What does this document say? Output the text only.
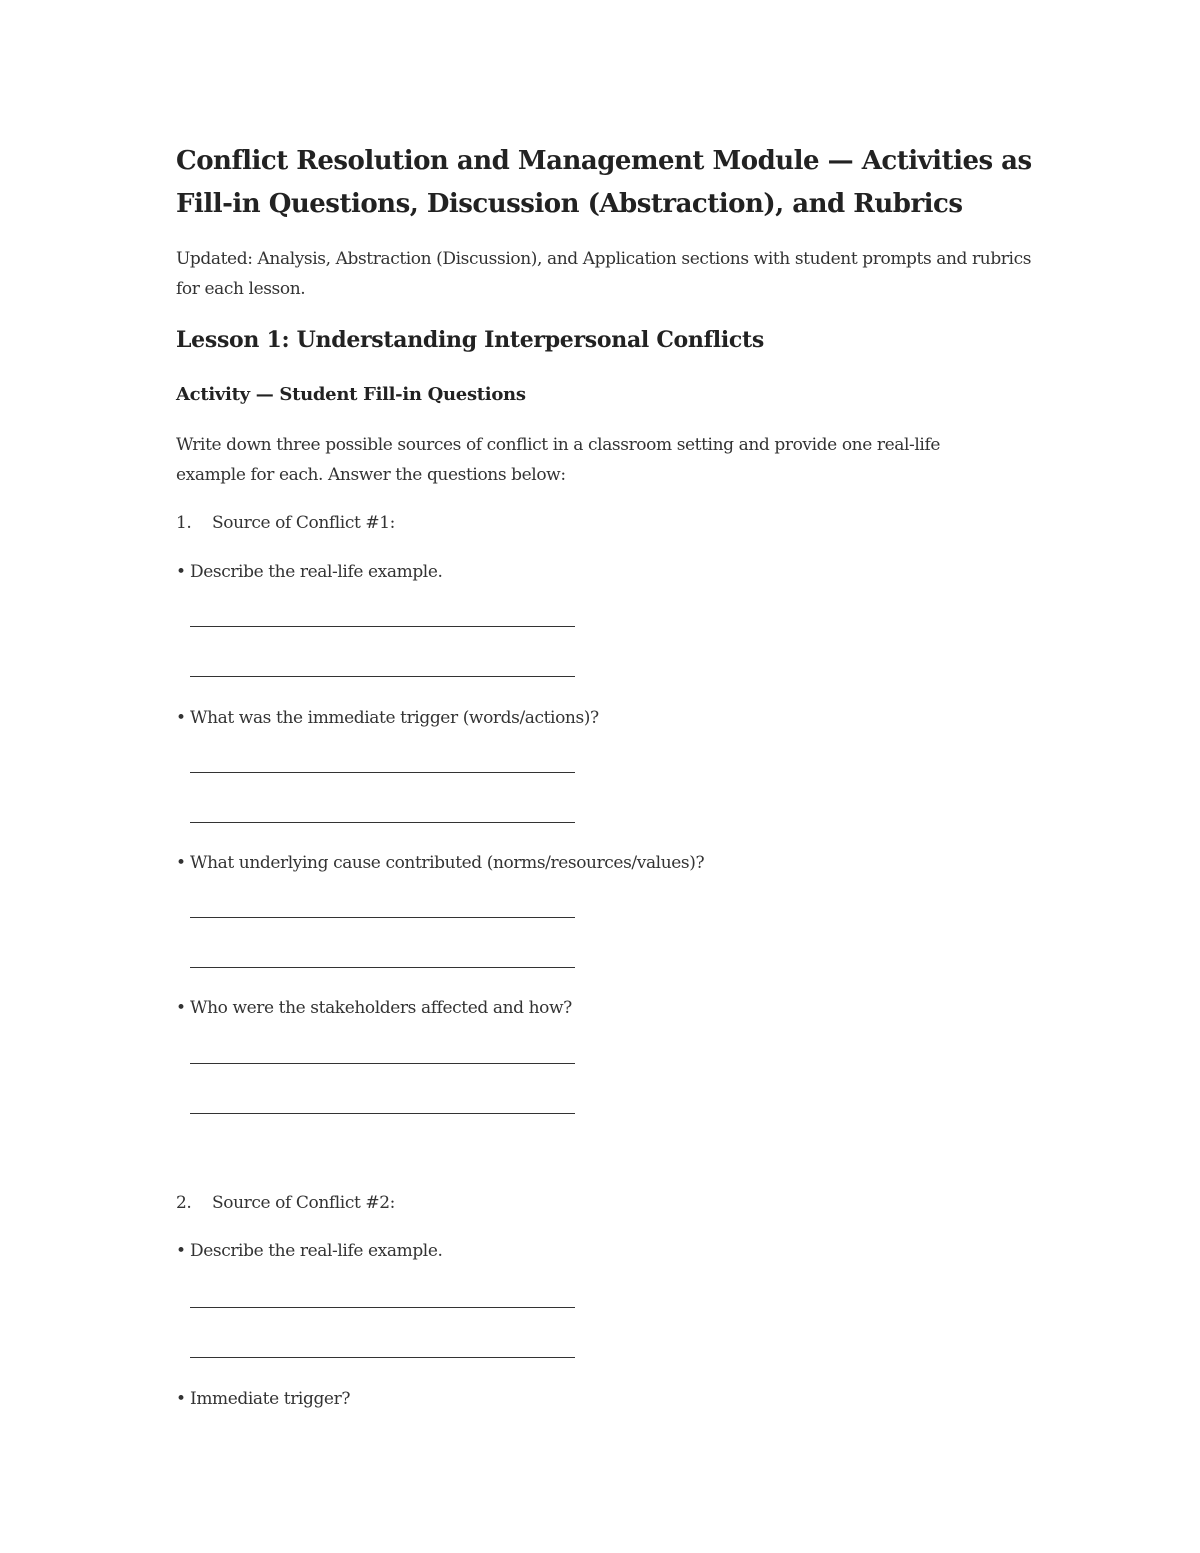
Conflict Resolution and Management Module — Activities as Fill-in Questions, Discussion (Abstraction), and Rubrics

Updated: Analysis, Abstraction (Discussion), and Application sections with student prompts and rubrics for each lesson.

Lesson 1: Understanding Interpersonal Conflicts
Activity — Student Fill-in Questions

Write down three possible sources of conflict in a classroom setting and provide one real-life example for each. Answer the questions below:

1. Source of Conflict #1:

• Describe the real-life example.

• What was the immediate trigger (words/actions)?

• What underlying cause contributed (norms/resources/values)?

• Who were the stakeholders affected and how?

2. Source of Conflict #2:

• Describe the real-life example.

• Immediate trigger?
